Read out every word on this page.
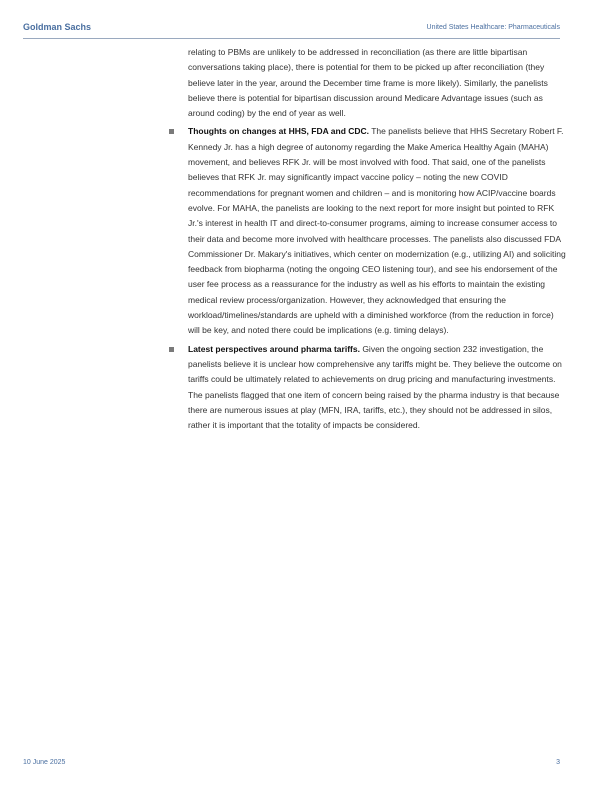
Goldman Sachs	United States Healthcare: Pharmaceuticals

relating to PBMs are unlikely to be addressed in reconciliation (as there are little bipartisan conversations taking place), there is potential for them to be picked up after reconciliation (they believe later in the year, around the December time frame is more likely). Similarly, the panelists believe there is potential for bipartisan discussion around Medicare Advantage issues (such as around coding) by the end of year as well.

Thoughts on changes at HHS, FDA and CDC. The panelists believe that HHS Secretary Robert F. Kennedy Jr. has a high degree of autonomy regarding the Make America Healthy Again (MAHA) movement, and believes RFK Jr. will be most involved with food. That said, one of the panelists believes that RFK Jr. may significantly impact vaccine policy – noting the new COVID recommendations for pregnant women and children – and is monitoring how ACIP/vaccine boards evolve. For MAHA, the panelists are looking to the next report for more insight but pointed to RFK Jr.'s interest in health IT and direct-to-consumer programs, aiming to increase consumer access to their data and become more involved with healthcare processes. The panelists also discussed FDA Commissioner Dr. Makary's initiatives, which center on modernization (e.g., utilizing AI) and soliciting feedback from biopharma (noting the ongoing CEO listening tour), and see his endorsement of the user fee process as a reassurance for the industry as well as his efforts to maintain the existing medical review process/organization. However, they acknowledged that ensuring the workload/timelines/standards are upheld with a diminished workforce (from the reduction in force) will be key, and noted there could be implications (e.g. timing delays).
Latest perspectives around pharma tariffs. Given the ongoing section 232 investigation, the panelists believe it is unclear how comprehensive any tariffs might be. They believe the outcome on tariffs could be ultimately related to achievements on drug pricing and manufacturing investments. The panelists flagged that one item of concern being raised by the pharma industry is that because there are numerous issues at play (MFN, IRA, tariffs, etc.), they should not be addressed in silos, rather it is important that the totality of impacts be considered.
10 June 2025	3
